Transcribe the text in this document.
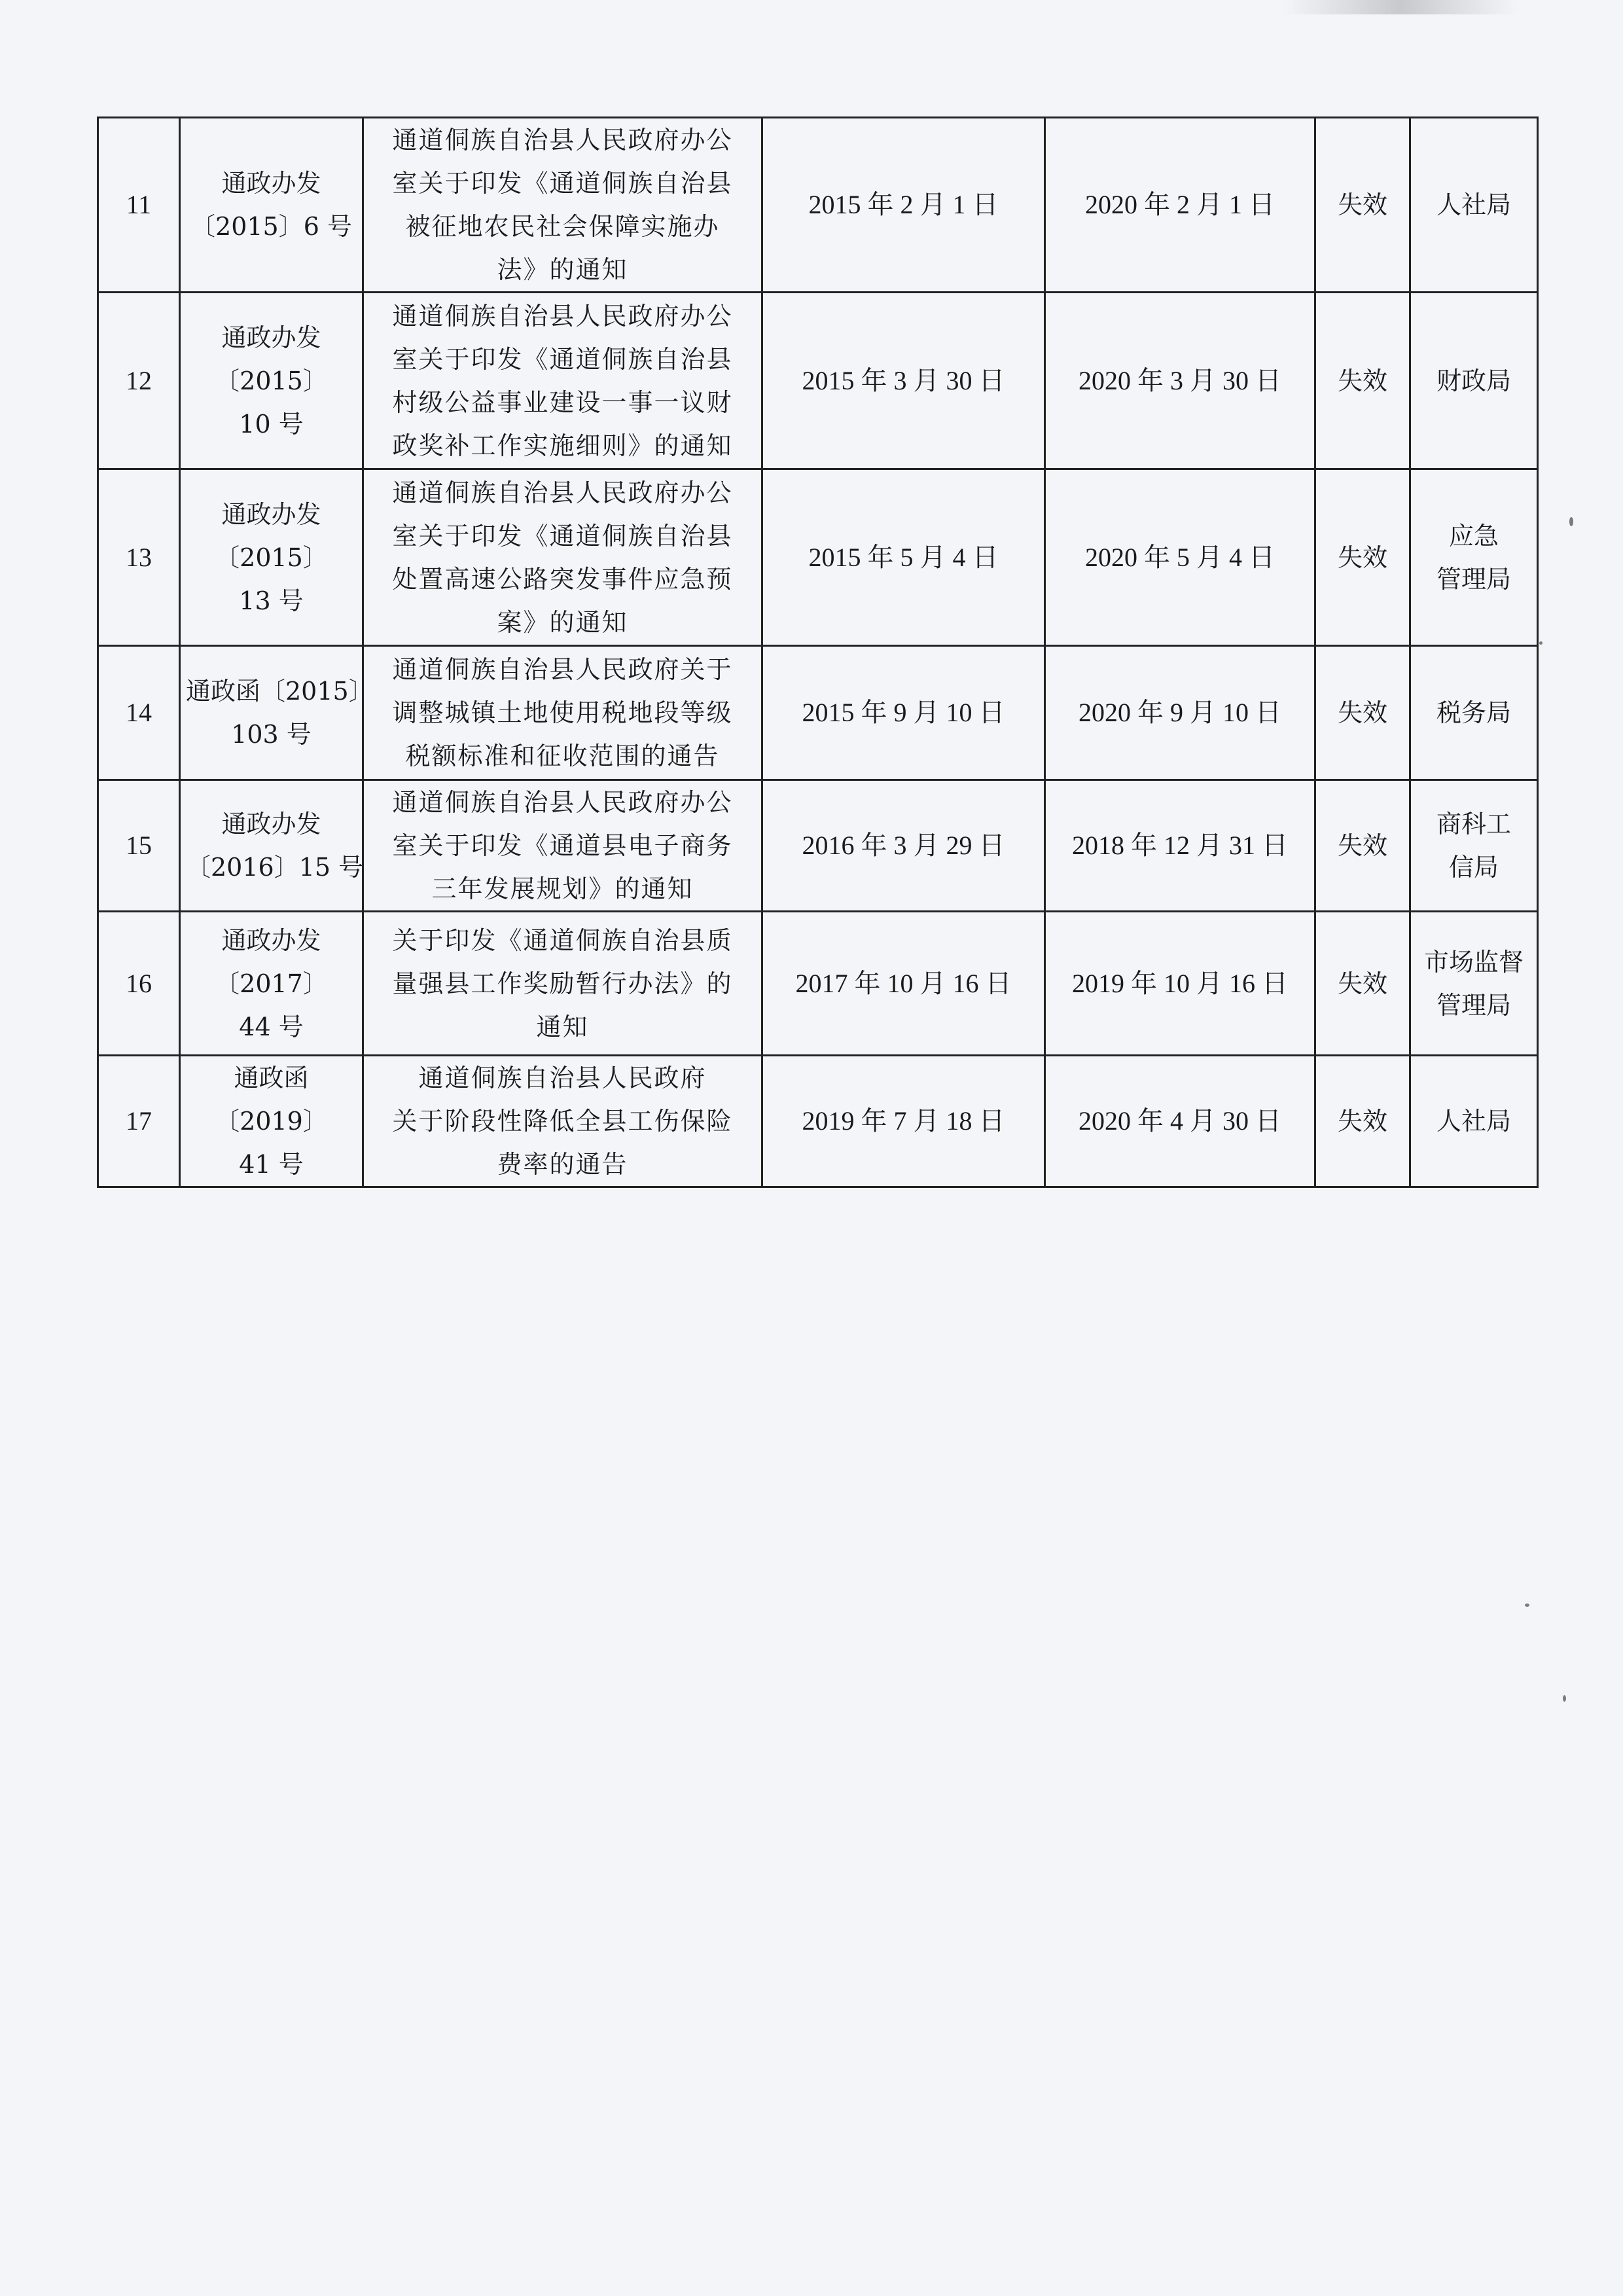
11	通政办发
〔2015〕6 号	通道侗族自治县人民政府办公
室关于印发《通道侗族自治县
被征地农民社会保障实施办
法》的通知	2015 年 2 月 1 日	2020 年 2 月 1 日	失效	人社局

12	通政办发
〔2015〕
10 号	通道侗族自治县人民政府办公
室关于印发《通道侗族自治县
村级公益事业建设一事一议财
政奖补工作实施细则》的通知	2015 年 3 月 30 日	2020 年 3 月 30 日	失效	财政局

13	通政办发
〔2015〕
13 号	通道侗族自治县人民政府办公
室关于印发《通道侗族自治县
处置高速公路突发事件应急预
案》的通知	2015 年 5 月 4 日	2020 年 5 月 4 日	失效	应急
管理局

14	通政函〔2015〕
103 号	通道侗族自治县人民政府关于
调整城镇土地使用税地段等级
税额标准和征收范围的通告	2015 年 9 月 10 日	2020 年 9 月 10 日	失效	税务局

15	通政办发
〔2016〕15 号	通道侗族自治县人民政府办公
室关于印发《通道县电子商务
三年发展规划》的通知	2016 年 3 月 29 日	2018 年 12 月 31 日	失效	商科工
信局

16	通政办发
〔2017〕
44 号	关于印发《通道侗族自治县质
量强县工作奖励暂行办法》的
通知	2017 年 10 月 16 日	2019 年 10 月 16 日	失效	市场监督
管理局

17	通政函
〔2019〕
41 号	通道侗族自治县人民政府
关于阶段性降低全县工伤保险
费率的通告	2019 年 7 月 18 日	2020 年 4 月 30 日	失效	人社局
